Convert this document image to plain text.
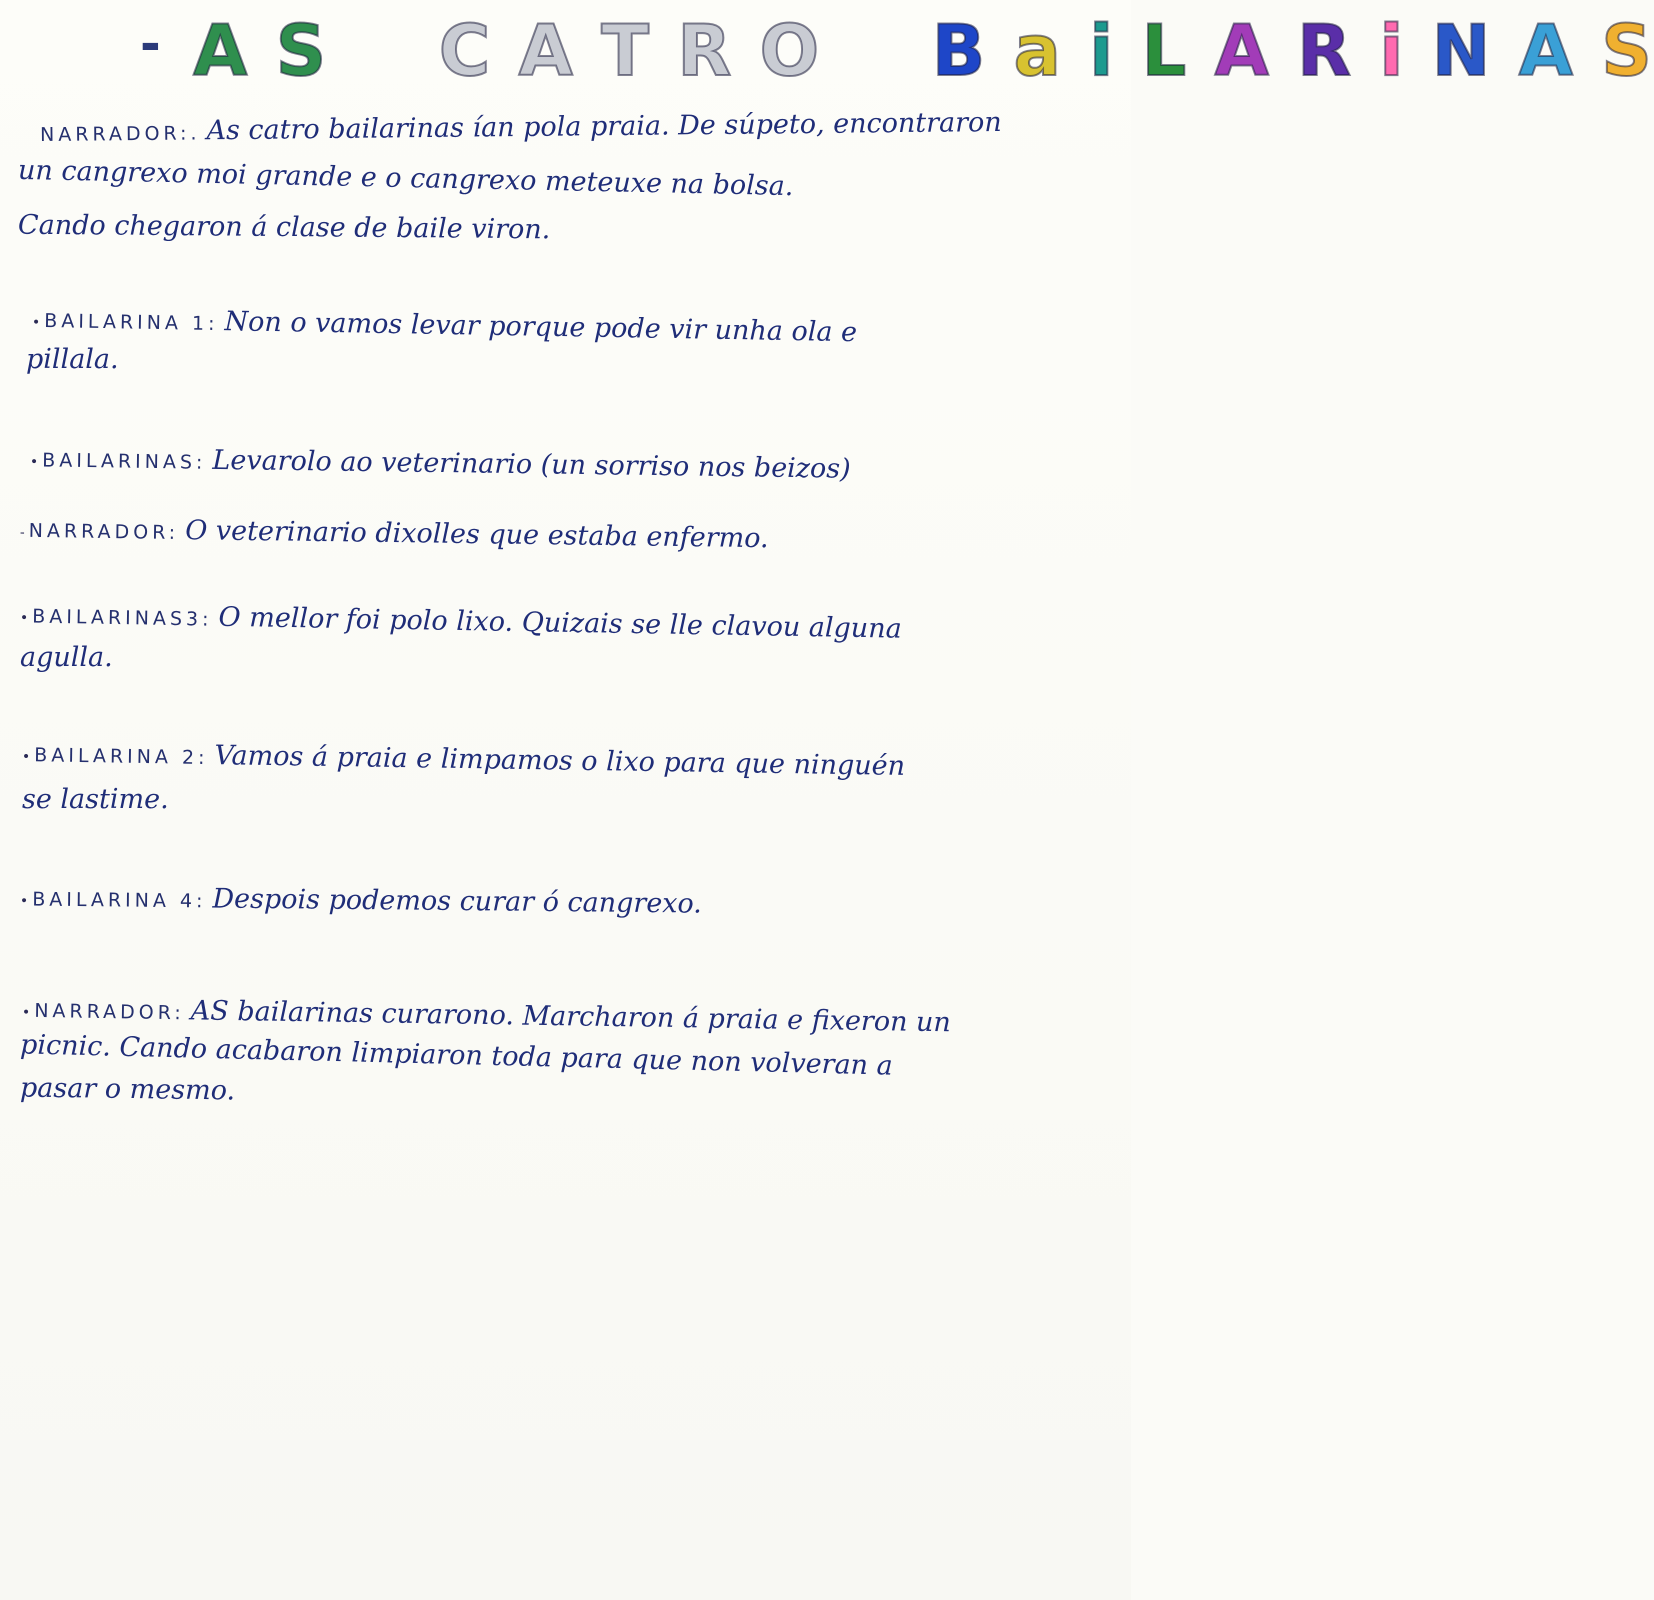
- A S C A T R O B a i L A R i N A S
NARRADOR:. As catro bailarinas ían pola praia. De súpeto, encontraron
un cangrexo moi grande e o cangrexo meteuxe na bolsa.
Cando chegaron á clase de baile viron.
• BAILARINA 1: Non o vamos levar porque pode vir unha ola e
pillala.
• BAILARINAS: Levarolo ao veterinario (un sorriso nos beizos)
- NARRADOR: O veterinario dixolles que estaba enfermo.
• BAILARINAS3: O mellor foi polo lixo. Quizais se lle clavou alguna
agulla.
• BAILARINA 2: Vamos á praia e limpamos o lixo para que ninguén
se lastime.
• BAILARINA 4: Despois podemos curar ó cangrexo.
• NARRADOR: AS bailarinas curarono. Marcharon á praia e fixeron un
picnic. Cando acabaron limpiaron toda para que non volveran a
pasar o mesmo.
